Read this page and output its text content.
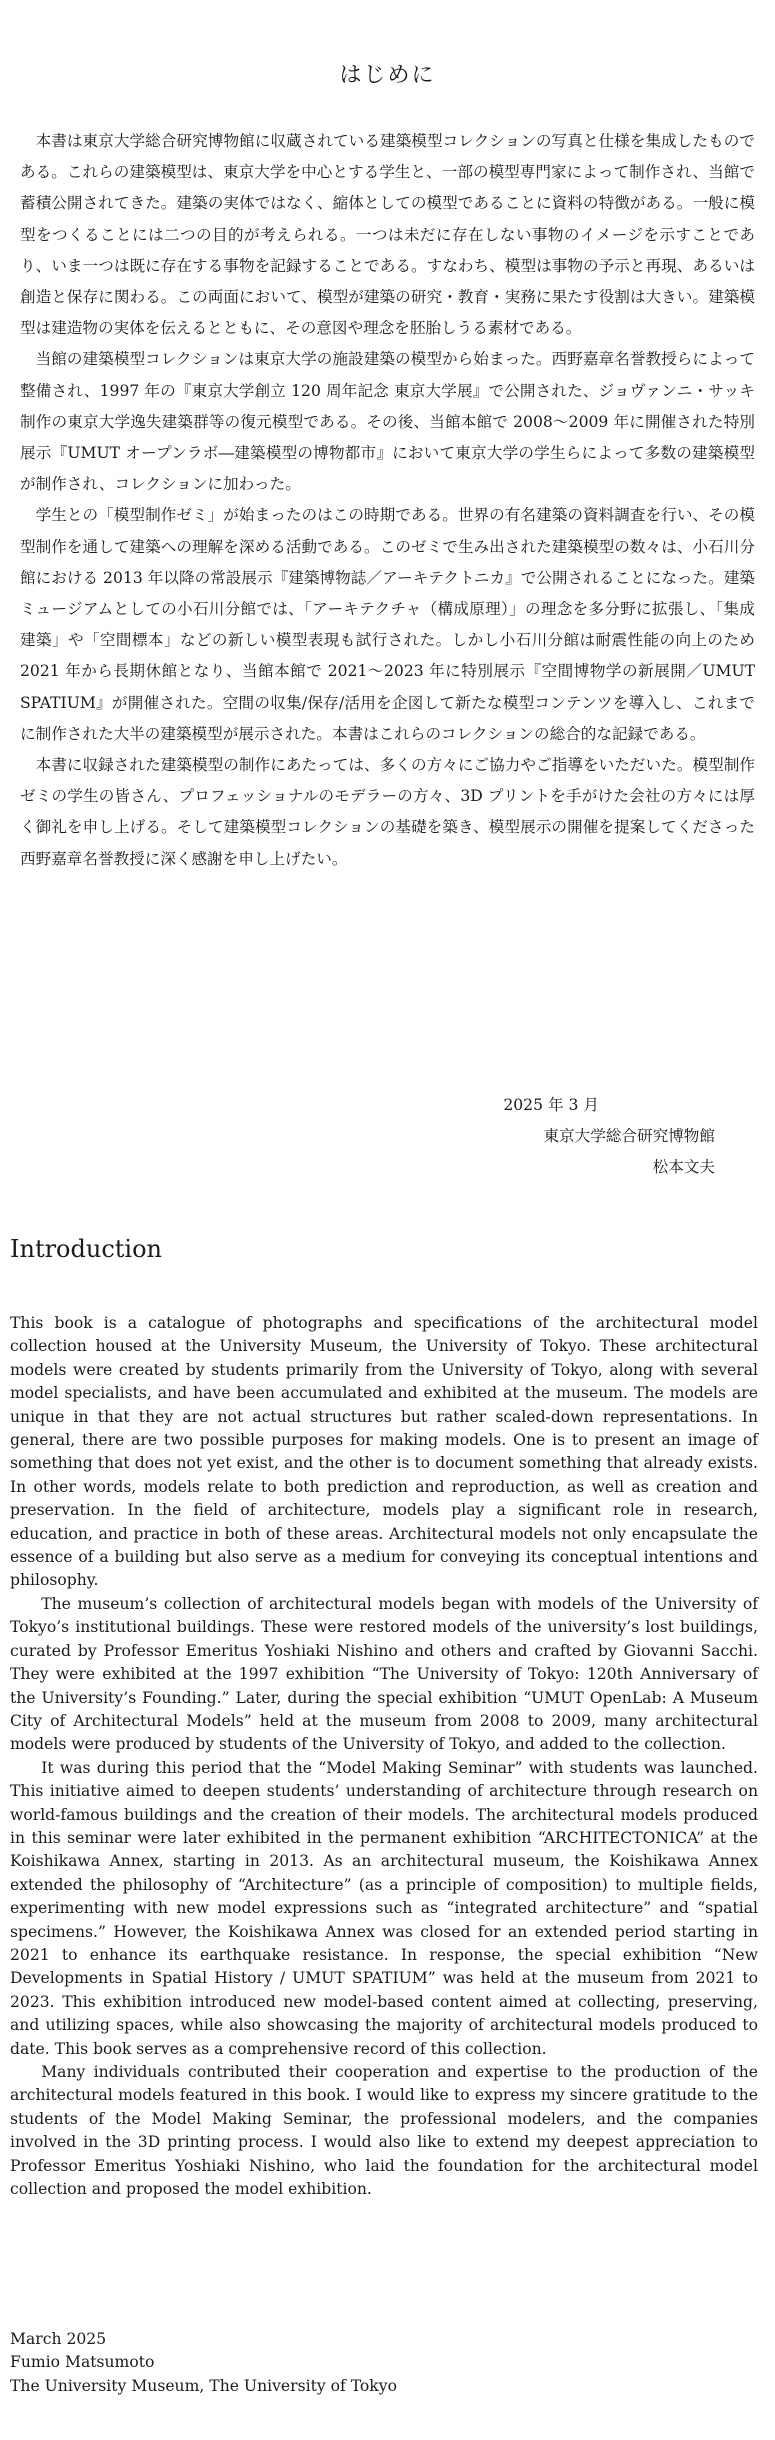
はじめに

本書は東京大学総合研究博物館に収蔵されている建築模型コレクションの写真と仕様を集成したものである。これらの建築模型は、東京大学を中心とする学生と、一部の模型専門家によって制作され、当館で蓄積公開されてきた。建築の実体ではなく、縮体としての模型であることに資料の特徴がある。一般に模型をつくることには二つの目的が考えられる。一つは未だに存在しない事物のイメージを示すことであり、いま一つは既に存在する事物を記録することである。すなわち、模型は事物の予示と再現、あるいは創造と保存に関わる。この両面において、模型が建築の研究・教育・実務に果たす役割は大きい。建築模型は建造物の実体を伝えるとともに、その意図や理念を胚胎しうる素材である。

当館の建築模型コレクションは東京大学の施設建築の模型から始まった。西野嘉章名誉教授らによって整備され、1997 年の『東京大学創立 120 周年記念 東京大学展』で公開された、ジョヴァンニ・サッキ制作の東京大学逸失建築群等の復元模型である。その後、当館本館で 2008〜2009 年に開催された特別展示『UMUT オープンラボ―建築模型の博物都市』において東京大学の学生らによって多数の建築模型が制作され、コレクションに加わった。

学生との「模型制作ゼミ」が始まったのはこの時期である。世界の有名建築の資料調査を行い、その模型制作を通して建築への理解を深める活動である。このゼミで生み出された建築模型の数々は、小石川分館における 2013 年以降の常設展示『建築博物誌／アーキテクトニカ』で公開されることになった。建築ミュージアムとしての小石川分館では、「アーキテクチャ（構成原理）」の理念を多分野に拡張し、「集成建築」や「空間標本」などの新しい模型表現も試行された。しかし小石川分館は耐震性能の向上のため 2021 年から長期休館となり、当館本館で 2021〜2023 年に特別展示『空間博物学の新展開／UMUT SPATIUM』が開催された。空間の収集/保存/活用を企図して新たな模型コンテンツを導入し、これまでに制作された大半の建築模型が展示された。本書はこれらのコレクションの総合的な記録である。

本書に収録された建築模型の制作にあたっては、多くの方々にご協力やご指導をいただいた。模型制作ゼミの学生の皆さん、プロフェッショナルのモデラーの方々、3D プリントを手がけた会社の方々には厚く御礼を申し上げる。そして建築模型コレクションの基礎を築き、模型展示の開催を提案してくださった西野嘉章名誉教授に深く感謝を申し上げたい。

2025 年 3 月
東京大学総合研究博物館
松本文夫
Introduction

This book is a catalogue of photographs and specifications of the architectural model collection housed at the University Museum, the University of Tokyo. These architectural models were created by students primarily from the University of Tokyo, along with several model specialists, and have been accumulated and exhibited at the museum. The models are unique in that they are not actual structures but rather scaled-down representations. In general, there are two possible purposes for making models. One is to present an image of something that does not yet exist, and the other is to document something that already exists. In other words, models relate to both prediction and reproduction, as well as creation and preservation. In the field of architecture, models play a significant role in research, education, and practice in both of these areas. Architectural models not only encapsulate the essence of a building but also serve as a medium for conveying its conceptual intentions and philosophy.

The museum’s collection of architectural models began with models of the University of Tokyo’s institutional buildings. These were restored models of the university’s lost buildings, curated by Professor Emeritus Yoshiaki Nishino and others and crafted by Giovanni Sacchi. They were exhibited at the 1997 exhibition “The University of Tokyo: 120th Anniversary of the University’s Founding.” Later, during the special exhibition “UMUT OpenLab: A Museum City of Architectural Models” held at the museum from 2008 to 2009, many architectural models were produced by students of the University of Tokyo, and added to the collection.

It was during this period that the “Model Making Seminar” with students was launched. This initiative aimed to deepen students’ understanding of architecture through research on world-famous buildings and the creation of their models. The architectural models produced in this seminar were later exhibited in the permanent exhibition “ARCHITECTONICA” at the Koishikawa Annex, starting in 2013. As an architectural museum, the Koishikawa Annex extended the philosophy of “Architecture” (as a principle of composition) to multiple fields, experimenting with new model expressions such as “integrated architecture” and “spatial specimens.” However, the Koishikawa Annex was closed for an extended period starting in 2021 to enhance its earthquake resistance. In response, the special exhibition “New Developments in Spatial History / UMUT SPATIUM” was held at the museum from 2021 to 2023. This exhibition introduced new model-based content aimed at collecting, preserving, and utilizing spaces, while also showcasing the majority of architectural models produced to date. This book serves as a comprehensive record of this collection.

Many individuals contributed their cooperation and expertise to the production of the architectural models featured in this book. I would like to express my sincere gratitude to the students of the Model Making Seminar, the professional modelers, and the companies involved in the 3D printing process. I would also like to extend my deepest appreciation to Professor Emeritus Yoshiaki Nishino, who laid the foundation for the architectural model collection and proposed the model exhibition.

March 2025
Fumio Matsumoto
The University Museum, The University of Tokyo
